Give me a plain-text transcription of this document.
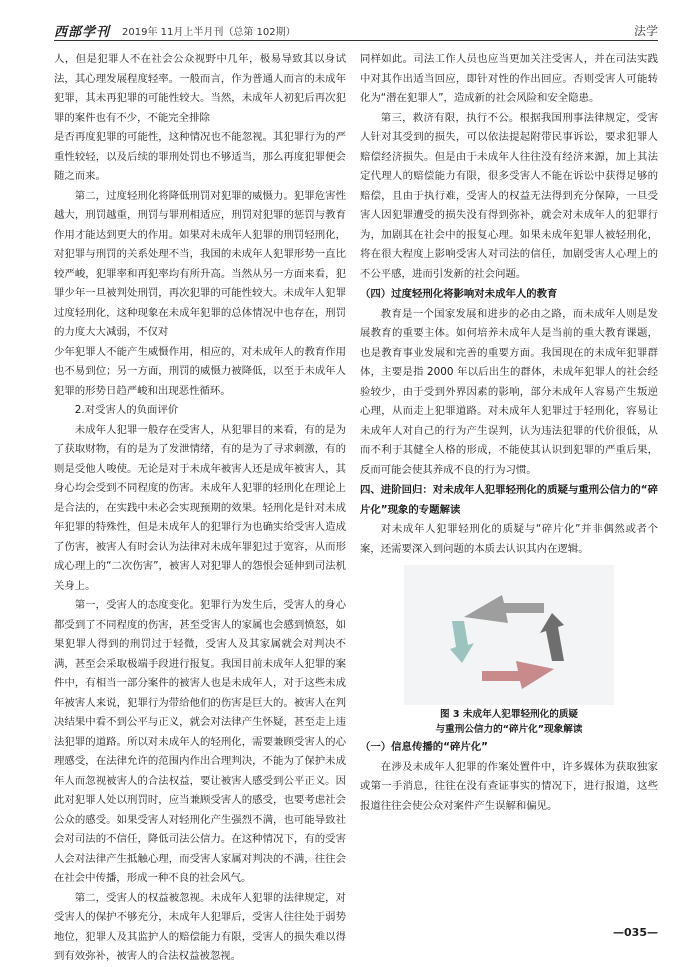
西部学刊 2019年 11月上半月刊（总第 102期）	法学

人，但是犯罪人不在社会公众视野中几年，极易导致其以身试法，其心理发展程度轻率。一般而言，作为普通人而言的未成年犯罪，其未再犯罪的可能性较大。当然，未成年人初犯后再次犯罪的案件也有不少，不能完全排除

是否再度犯罪的可能性，这种情况也不能忽视。其犯罪行为的严重性较轻，以及后续的罪刑处罚也不够适当，那么再度犯罪便会随之而来。

第二，过度轻刑化将降低刑罚对犯罪的威慑力。犯罪危害性越大，刑罚越重，刑罚与罪刑相适应，刑罚对犯罪的惩罚与教育作用才能达到更大的作用。如果对未成年人犯罪的刑罚轻刑化，对犯罪与刑罚的关系处理不当，我国的未成年人犯罪形势一直比较严峻，犯罪率和再犯率均有所升高。当然从另一方面来看，犯罪少年一旦被判处刑罚，再次犯罪的可能性较大。未成年人犯罪过度轻刑化，这种现象在未成年犯罪的总体情况中也存在，刑罚的力度大大减弱，不仅对

少年犯罪人不能产生威慑作用，相应的，对未成年人的教育作用也不易到位；另一方面，刑罚的威慑力被降低，以至于未成年人犯罪的形势日趋严峻和出现恶性循环。

2.对受害人的负面评价

未成年人犯罪一般存在受害人，从犯罪目的来看，有的是为了获取财物，有的是为了发泄情绪，有的是为了寻求刺激，有的则是受他人唆使。无论是对于未成年被害人还是成年被害人，其身心均会受到不同程度的伤害。未成年人犯罪的轻刑化在理论上是合法的，在实践中未必会实现预期的效果。轻刑化是针对未成年犯罪的特殊性，但是未成年人的犯罪行为也确实给受害人造成了伤害，被害人有时会认为法律对未成年罪犯过于宽容，从而形成心理上的“二次伤害”，被害人对犯罪人的怨恨会延伸到司法机关身上。

第一，受害人的态度变化。犯罪行为发生后，受害人的身心都受到了不同程度的伤害，甚至受害人的家属也会感到愤怒，如果犯罪人得到的刑罚过于轻微，受害人及其家属就会对判决不满，甚至会采取极端手段进行报复。我国目前未成年人犯罪的案件中，有相当一部分案件的被害人也是未成年人，对于这些未成年被害人来说，犯罪行为带给他们的伤害是巨大的。被害人在判决结果中看不到公平与正义，就会对法律产生怀疑，甚至走上违法犯罪的道路。所以对未成年人的轻刑化，需要兼顾受害人的心理感受，在法律允许的范围内作出合理判决，不能为了保护未成年人而忽视被害人的合法权益，要让被害人感受到公平正义。因此对犯罪人处以刑罚时，应当兼顾受害人的感受，也要考虑社会公众的感受。如果受害人对轻刑化产生强烈不满，也可能导致社会对司法的不信任，降低司法公信力。在这种情况下，有的受害人会对法律产生抵触心理，而受害人家属对判决的不满，往往会在社会中传播，形成一种不良的社会风气。

第二，受害人的权益被忽视。未成年人犯罪的法律规定，对受害人的保护不够充分，未成年人犯罪后，受害人往往处于弱势地位，犯罪人及其监护人的赔偿能力有限，受害人的损失难以得到有效弥补，被害人的合法权益被忽视。

同样如此。司法工作人员也应当更加关注受害人，并在司法实践中对其作出适当回应，即针对性的作出回应。否则受害人可能转化为“潜在犯罪人”，造成新的社会风险和安全隐患。

第三，救济有限，执行不公。根据我国刑事法律规定，受害人针对其受到的损失，可以依法提起附带民事诉讼，要求犯罪人赔偿经济损失。但是由于未成年人往往没有经济来源，加上其法定代理人的赔偿能力有限，很多受害人不能在诉讼中获得足够的赔偿，且由于执行难，受害人的权益无法得到充分保障，一旦受害人因犯罪遭受的损失没有得到弥补，就会对未成年人的犯罪行为，加剧其在社会中的报复心理。如果未成年犯罪人被轻刑化，将在很大程度上影响受害人对司法的信任，加剧受害人心理上的不公平感，进而引发新的社会问题。

（四）过度轻刑化将影响对未成年人的教育

教育是一个国家发展和进步的必由之路，而未成年人则是发展教育的重要主体。如何培养未成年人是当前的重大教育课题，也是教育事业发展和完善的重要方面。我国现在的未成年犯罪群体，主要是指 2000 年以后出生的群体，未成年犯罪人的社会经验较少，由于受到外界因素的影响，部分未成年人容易产生叛逆心理，从而走上犯罪道路。对未成年人犯罪过于轻刑化，容易让未成年人对自己的行为产生误判，认为违法犯罪的代价很低，从而不利于其健全人格的形成，不能使其认识到犯罪的严重后果，反而可能会使其养成不良的行为习惯。

四、进阶回归：对未成年人犯罪轻刑化的质疑与重刑公信力的“碎片化”现象的专题解读

对未成年人犯罪轻刑化的质疑与“碎片化”并非偶然或者个案，还需要深入到问题的本质去认识其内在逻辑。

图 3 未成年人犯罪轻刑化的质疑
与重刑公信力的“碎片化”现象解读

（一）信息传播的“碎片化”

在涉及未成年人犯罪的作案处置件中，许多媒体为获取独家或第一手消息，往往在没有查证事实的情况下，进行报道，这些报道往往会使公众对案件产生误解和偏见。

—035—
